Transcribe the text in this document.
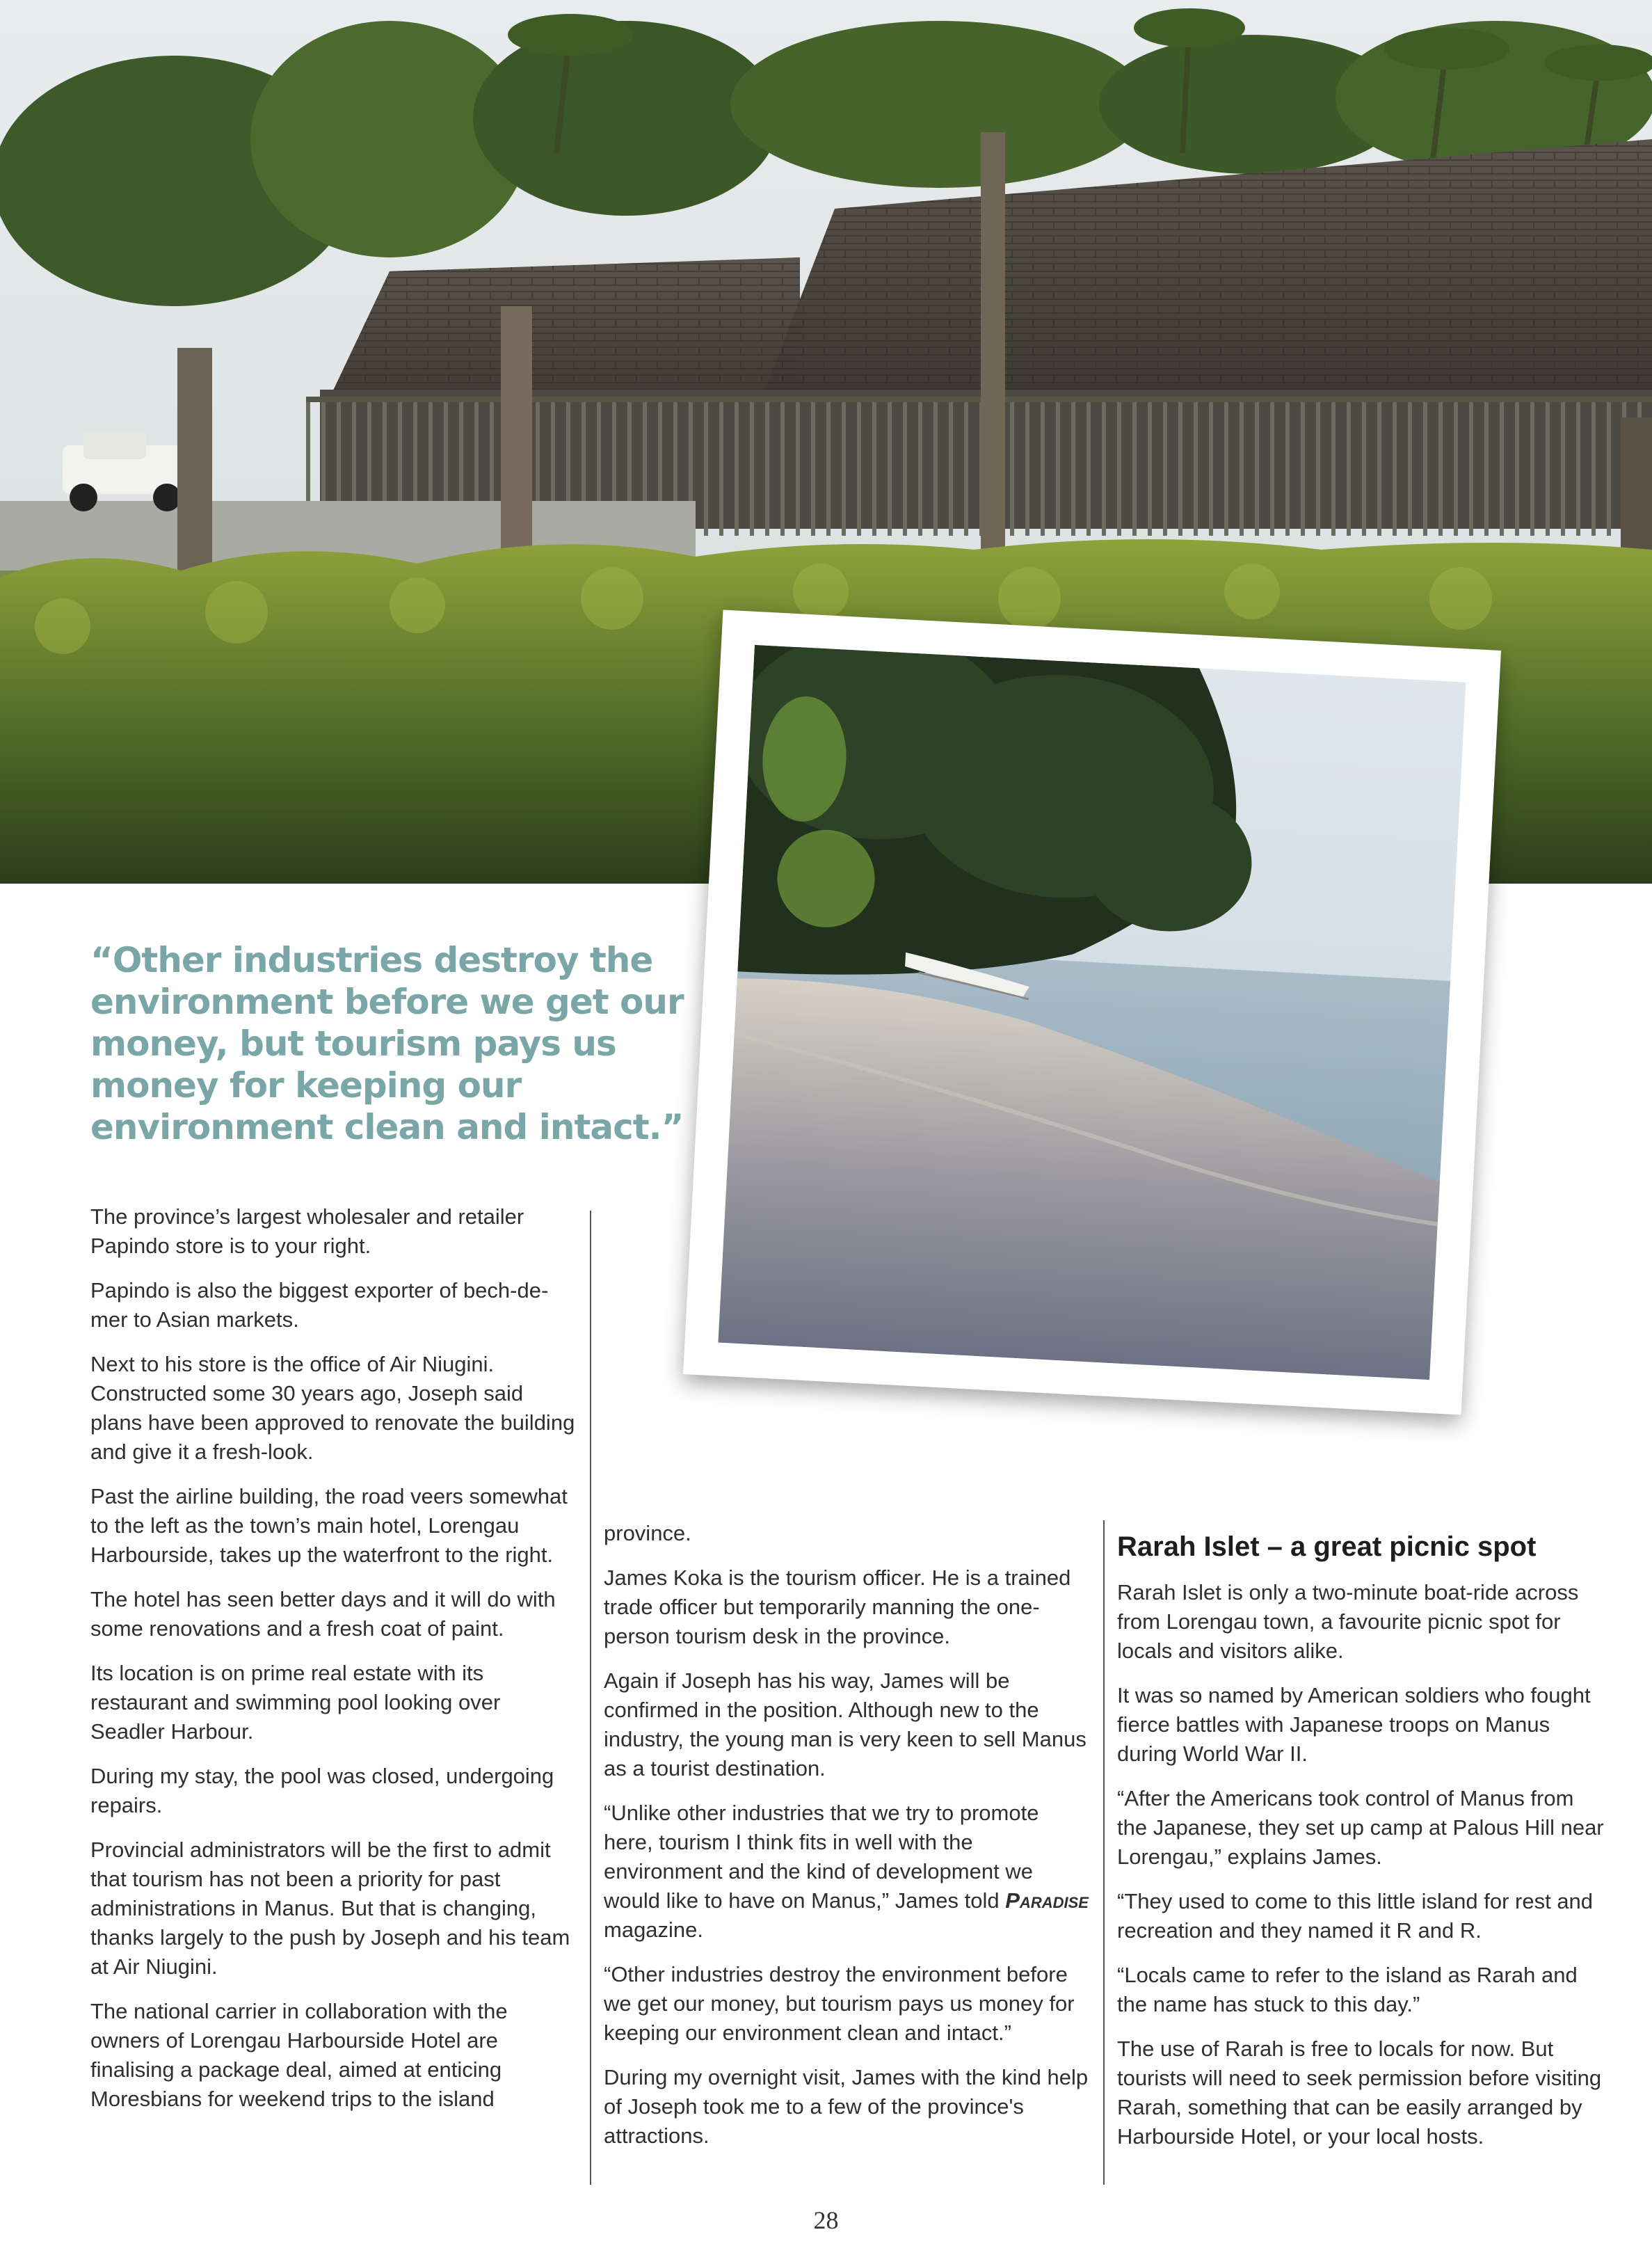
“Other industries destroy the environment before we get our money, but tourism pays us money for keeping our environment clean and intact.”

The province’s largest wholesaler and retailer Papindo store is to your right.

Papindo is also the biggest exporter of bech-de-mer to Asian markets.

Next to his store is the office of Air Niugini. Constructed some 30 years ago, Joseph said plans have been approved to renovate the building and give it a fresh-look.

Past the airline building, the road veers somewhat to the left as the town’s main hotel, Lorengau Harbourside, takes up the waterfront to the right.

The hotel has seen better days and it will do with some renovations and a fresh coat of paint.

Its location is on prime real estate with its restaurant and swimming pool looking over Seadler Harbour.

During my stay, the pool was closed, undergoing repairs.

Provincial administrators will be the first to admit that tourism has not been a priority for past administrations in Manus. But that is changing, thanks largely to the push by Joseph and his team at Air Niugini.

The national carrier in collaboration with the owners of Lorengau Harbourside Hotel are finalising a package deal, aimed at enticing Moresbians for weekend trips to the island

province.

James Koka is the tourism officer. He is a trained trade officer but temporarily manning the one-person tourism desk in the province.

Again if Joseph has his way, James will be confirmed in the position. Although new to the industry, the young man is very keen to sell Manus as a tourist destination.

“Unlike other industries that we try to promote here, tourism I think fits in well with the environment and the kind of development we would like to have on Manus,” James told Paradise magazine.

“Other industries destroy the environment before we get our money, but tourism pays us money for keeping our environment clean and intact.”

During my overnight visit, James with the kind help of Joseph took me to a few of the province's attractions.

Rarah Islet – a great picnic spot

Rarah Islet is only a two-minute boat-ride across from Lorengau town, a favourite picnic spot for locals and visitors alike.

It was so named by American soldiers who fought fierce battles with Japanese troops on Manus during World War II.

“After the Americans took control of Manus from the Japanese, they set up camp at Palous Hill near Lorengau,” explains James.

“They used to come to this little island for rest and recreation and they named it R and R.

“Locals came to refer to the island as Rarah and the name has stuck to this day.”

The use of Rarah is free to locals for now. But tourists will need to seek permission before visiting Rarah, something that can be easily arranged by Harbourside Hotel, or your local hosts.

28
